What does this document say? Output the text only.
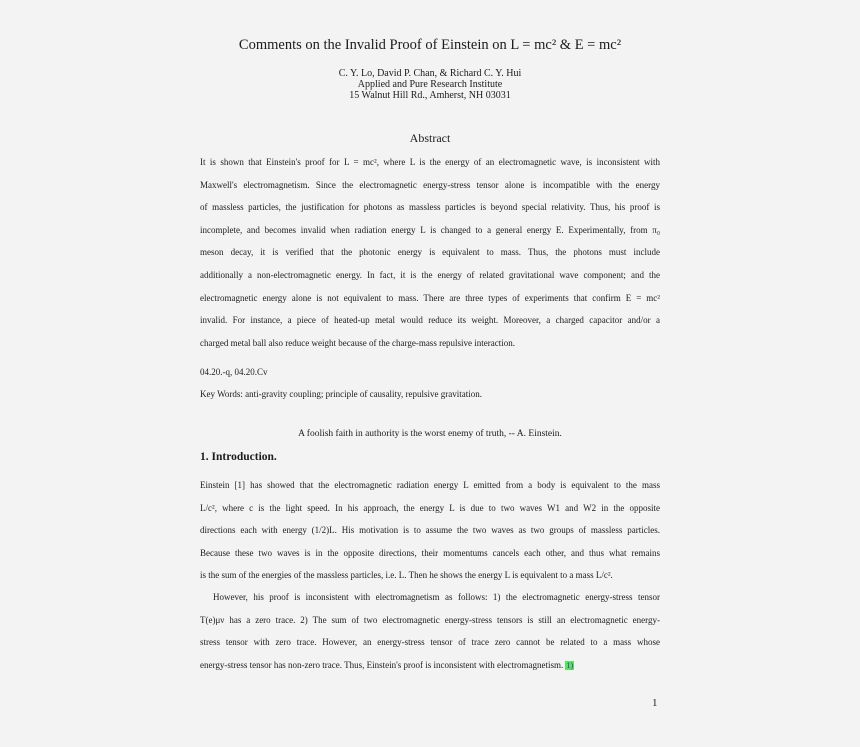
Comments on the Invalid Proof of Einstein on L = mc² & E = mc²
C. Y. Lo, David P. Chan, & Richard C. Y. Hui
Applied and Pure Research Institute
15 Walnut Hill Rd., Amherst, NH 03031
Abstract
It is shown that Einstein's proof for L = mc², where L is the energy of an electromagnetic wave, is inconsistent with
Maxwell's electromagnetism. Since the electromagnetic energy-stress tensor alone is incompatible with the energy
of massless particles, the justification for photons as massless particles is beyond special relativity. Thus, his proof is
incomplete, and becomes invalid when radiation energy L is changed to a general energy E. Experimentally, from π₀
meson decay, it is verified that the photonic energy is equivalent to mass. Thus, the photons must include
additionally a non-electromagnetic energy. In fact, it is the energy of related gravitational wave component; and the
electromagnetic energy alone is not equivalent to mass. There are three types of experiments that confirm E = mc²
invalid. For instance, a piece of heated-up metal would reduce its weight. Moreover, a charged capacitor and/or a
charged metal ball also reduce weight because of the charge-mass repulsive interaction.
04.20.-q, 04.20.Cv
Key Words: anti-gravity coupling; principle of causality, repulsive gravitation.
A foolish faith in authority is the worst enemy of truth, -- A. Einstein.
1. Introduction.
Einstein [1] has showed that the electromagnetic radiation energy L emitted from a body is equivalent to the mass
L/c², where c is the light speed. In his approach, the energy L is due to two waves W1 and W2 in the opposite
directions each with energy (1/2)L. His motivation is to assume the two waves as two groups of massless particles.
Because these two waves is in the opposite directions, their momentums cancels each other, and thus what remains
is the sum of the energies of the massless particles, i.e. L. Then he shows the energy L is equivalent to a mass L/c².
However, his proof is inconsistent with electromagnetism as follows: 1) the electromagnetic energy-stress tensor
T(e)μν has a zero trace. 2) The sum of two electromagnetic energy-stress tensors is still an electromagnetic energy-
stress tensor with zero trace. However, an energy-stress tensor of trace zero cannot be related to a mass whose
energy-stress tensor has non-zero trace. Thus, Einstein's proof is inconsistent with electromagnetism. 1)
1
